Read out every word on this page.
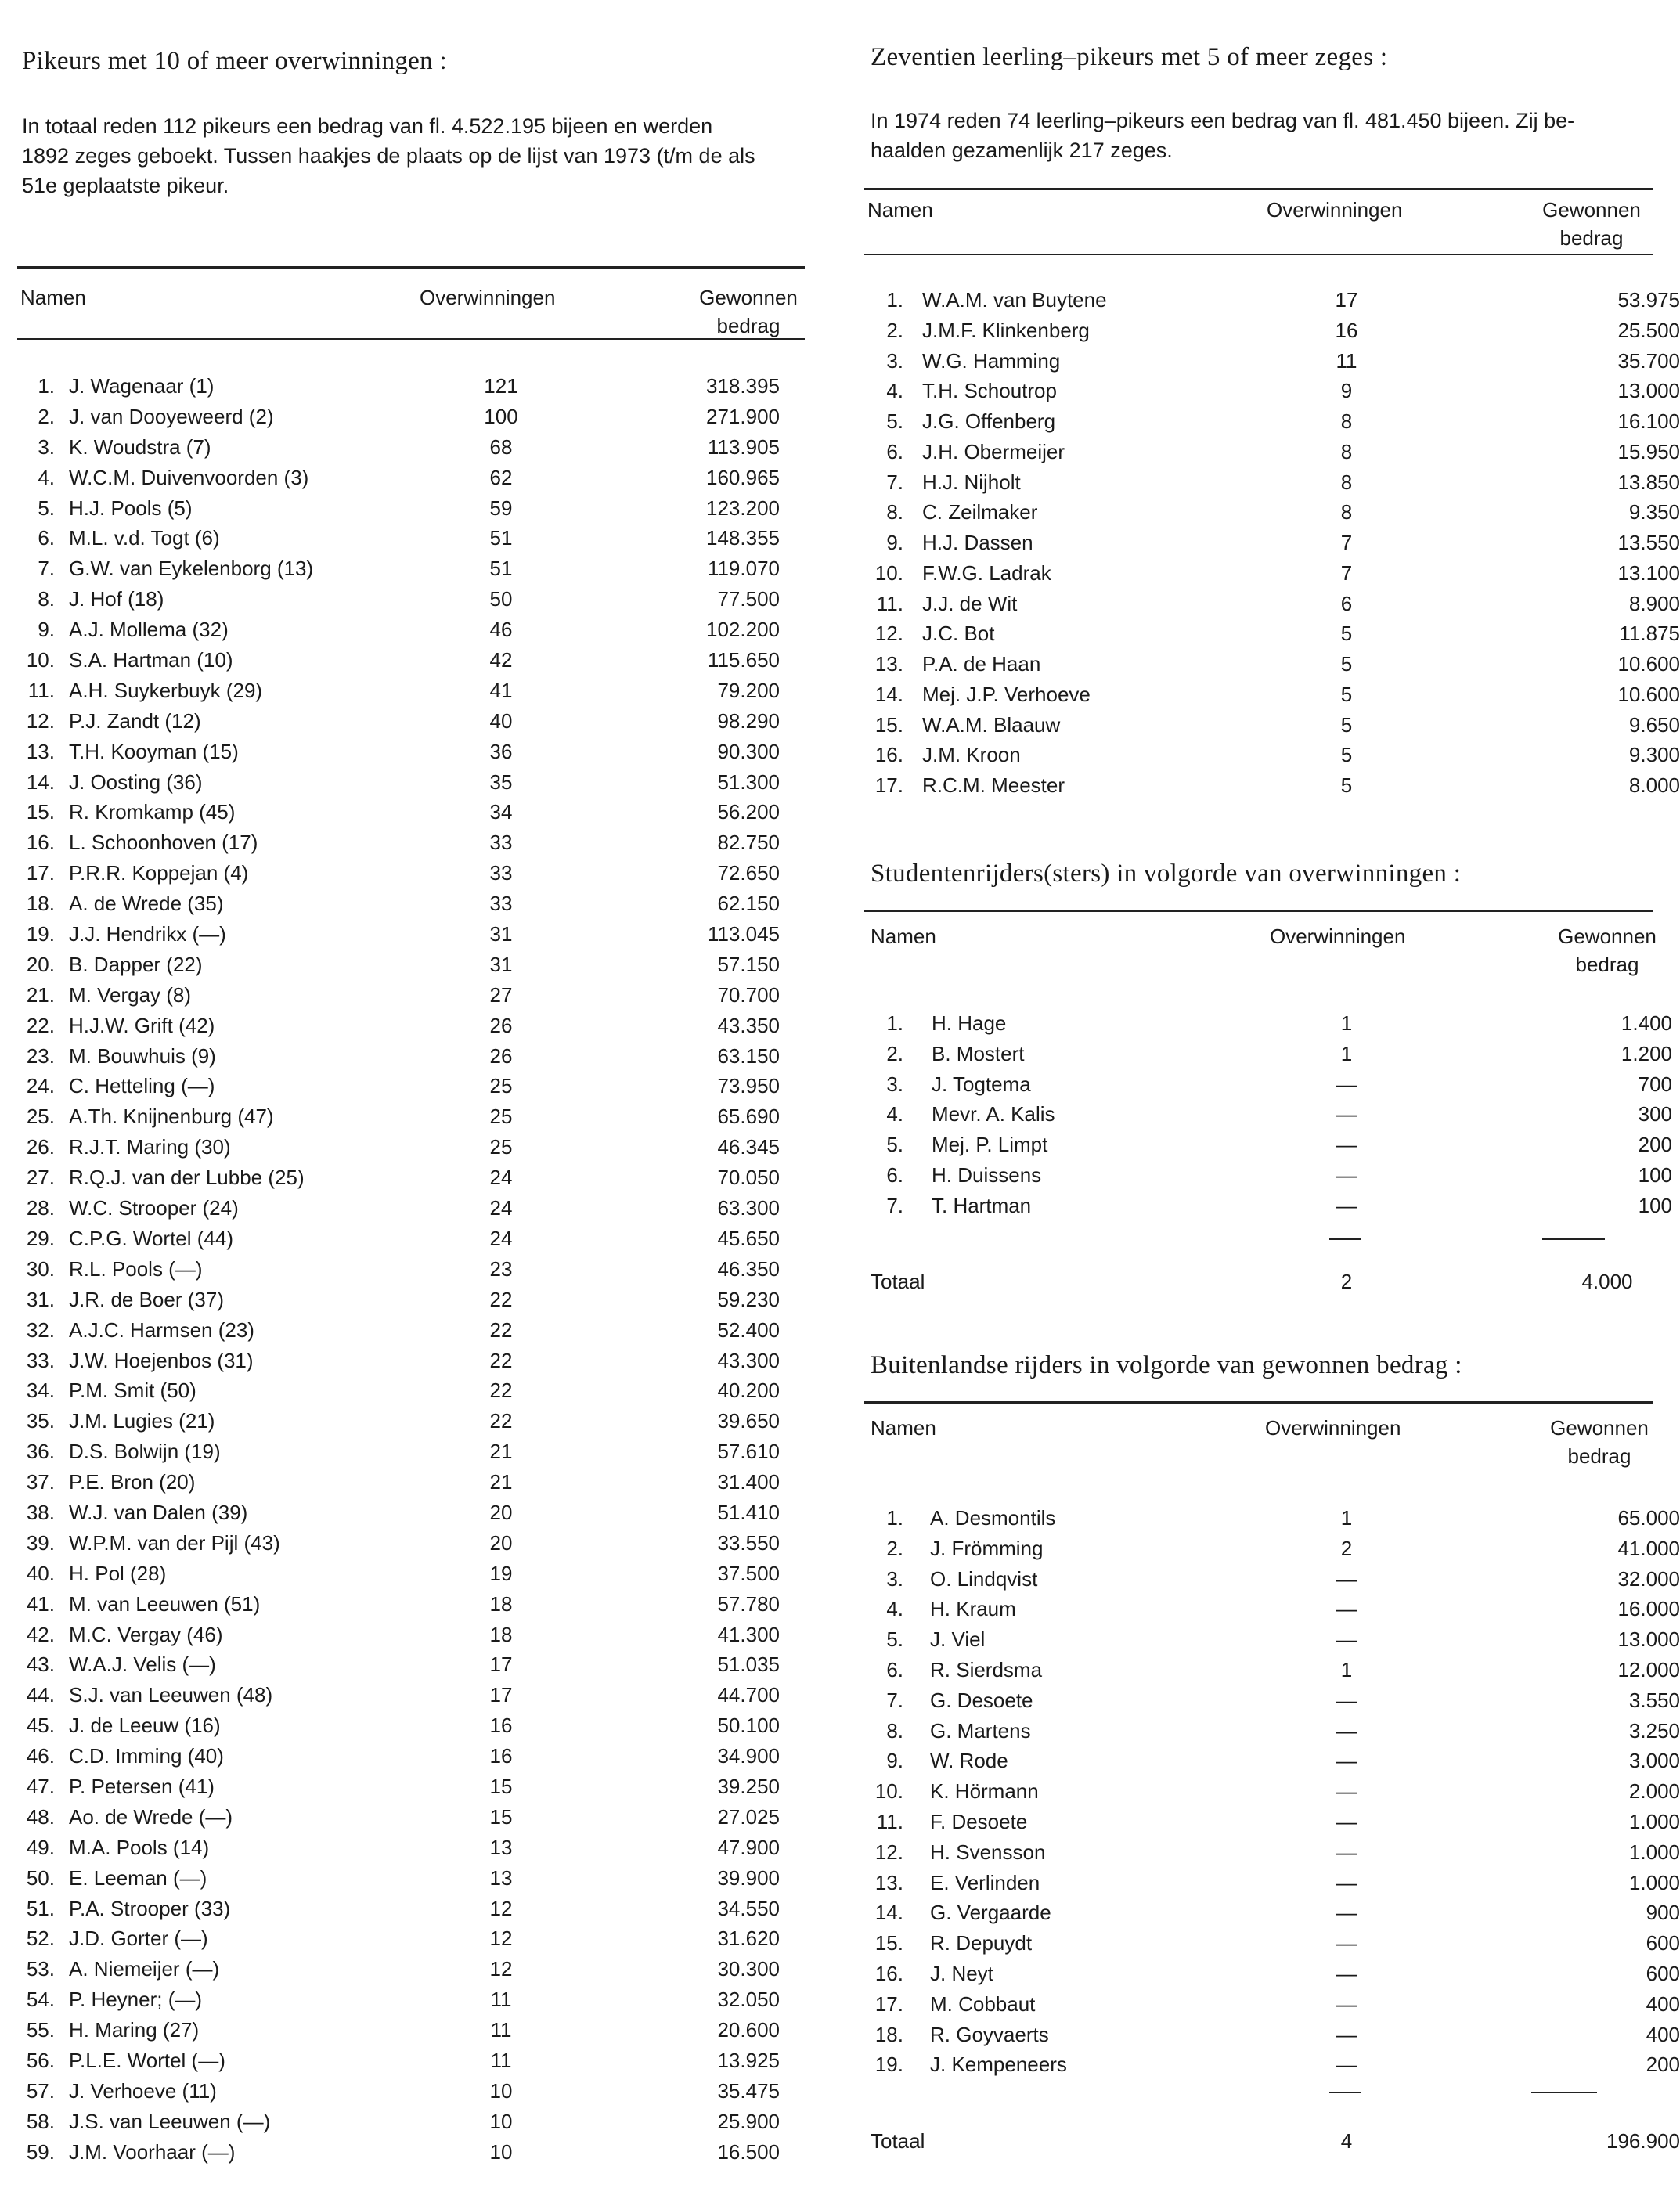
Pikeurs met 10 of meer overwinningen :

In totaal reden 112 pikeurs een bedrag van fl. 4.522.195 bijeen en werden

1892 zeges geboekt. Tussen haakjes de plaats op de lijst van 1973 (t/m de als

51e geplaatste pikeur.

Namen	Overwinningen	Gewonnen
bedrag
1. J. Wagenaar (1)	121	318.395
2. J. van Dooyeweerd (2)	100	271.900
3. K. Woudstra (7)	68	113.905
4. W.C.M. Duivenvoorden (3)	62	160.965
5. H.J. Pools (5)	59	123.200
6. M.L. v.d. Togt (6)	51	148.355
7. G.W. van Eykelenborg (13)	51	119.070
8. J. Hof (18)	50	77.500
9. A.J. Mollema (32)	46	102.200
10. S.A. Hartman (10)	42	115.650
11. A.H. Suykerbuyk (29)	41	79.200
12. P.J. Zandt (12)	40	98.290
13. T.H. Kooyman (15)	36	90.300
14. J. Oosting (36)	35	51.300
15. R. Kromkamp (45)	34	56.200
16. L. Schoonhoven (17)	33	82.750
17. P.R.R. Koppejan (4)	33	72.650
18. A. de Wrede (35)	33	62.150
19. J.J. Hendrikx (—)	31	113.045
20. B. Dapper (22)	31	57.150
21. M. Vergay (8)	27	70.700
22. H.J.W. Grift (42)	26	43.350
23. M. Bouwhuis (9)	26	63.150
24. C. Hetteling (—)	25	73.950
25. A.Th. Knijnenburg (47)	25	65.690
26. R.J.T. Maring (30)	25	46.345
27. R.Q.J. van der Lubbe (25)	24	70.050
28. W.C. Strooper (24)	24	63.300
29. C.P.G. Wortel (44)	24	45.650
30. R.L. Pools (—)	23	46.350
31. J.R. de Boer (37)	22	59.230
32. A.J.C. Harmsen (23)	22	52.400
33. J.W. Hoejenbos (31)	22	43.300
34. P.M. Smit (50)	22	40.200
35. J.M. Lugies (21)	22	39.650
36. D.S. Bolwijn (19)	21	57.610
37. P.E. Bron (20)	21	31.400
38. W.J. van Dalen (39)	20	51.410
39. W.P.M. van der Pijl (43)	20	33.550
40. H. Pol (28)	19	37.500
41. M. van Leeuwen (51)	18	57.780
42. M.C. Vergay (46)	18	41.300
43. W.A.J. Velis (—)	17	51.035
44. S.J. van Leeuwen (48)	17	44.700
45. J. de Leeuw (16)	16	50.100
46. C.D. Imming (40)	16	34.900
47. P. Petersen (41)	15	39.250
48. Ao. de Wrede (—)	15	27.025
49. M.A. Pools (14)	13	47.900
50. E. Leeman (—)	13	39.900
51. P.A. Strooper (33)	12	34.550
52. J.D. Gorter (—)	12	31.620
53. A. Niemeijer (—)	12	30.300
54. P. Heyner; (—)	11	32.050
55. H. Maring (27)	11	20.600
56. P.L.E. Wortel (—)	11	13.925
57. J. Verhoeve (11)	10	35.475
58. J.S. van Leeuwen (—)	10	25.900
59. J.M. Voorhaar (—)	10	16.500
Zeventien leerling–pikeurs met 5 of meer zeges :

In 1974 reden 74 leerling–pikeurs een bedrag van fl. 481.450 bijeen. Zij be-

haalden gezamenlijk 217 zeges.

Namen	Overwinningen	Gewonnen
bedrag
1. W.A.M. van Buytene	17	53.975
2. J.M.F. Klinkenberg	16	25.500
3. W.G. Hamming	11	35.700
4. T.H. Schoutrop	9	13.000
5. J.G. Offenberg	8	16.100
6. J.H. Obermeijer	8	15.950
7. H.J. Nijholt	8	13.850
8. C. Zeilmaker	8	9.350
9. H.J. Dassen	7	13.550
10. F.W.G. Ladrak	7	13.100
11. J.J. de Wit	6	8.900
12. J.C. Bot	5	11.875
13. P.A. de Haan	5	10.600
14. Mej. J.P. Verhoeve	5	10.600
15. W.A.M. Blaauw	5	9.650
16. J.M. Kroon	5	9.300
17. R.C.M. Meester	5	8.000
Studentenrijders(sters) in volgorde van overwinningen :
Namen	Overwinningen	Gewonnen
bedrag
1. H. Hage	1	1.400
2. B. Mostert	1	1.200
3. J. Togtema	—	700
4. Mevr. A. Kalis	—	300
5. Mej. P. Limpt	—	200
6. H. Duissens	—	100
7. T. Hartman	—	100
Totaal	2	4.000
Buitenlandse rijders in volgorde van gewonnen bedrag :
Namen	Overwinningen	Gewonnen
bedrag
1. A. Desmontils	1	65.000
2. J. Frömming	2	41.000
3. O. Lindqvist	—	32.000
4. H. Kraum	—	16.000
5. J. Viel	—	13.000
6. R. Sierdsma	1	12.000
7. G. Desoete	—	3.550
8. G. Martens	—	3.250
9. W. Rode	—	3.000
10. K. Hörmann	—	2.000
11. F. Desoete	—	1.000
12. H. Svensson	—	1.000
13. E. Verlinden	—	1.000
14. G. Vergaarde	—	900
15. R. Depuydt	—	600
16. J. Neyt	—	600
17. M. Cobbaut	—	400
18. R. Goyvaerts	—	400
19. J. Kempeneers	—	200
Totaal	4	196.900
